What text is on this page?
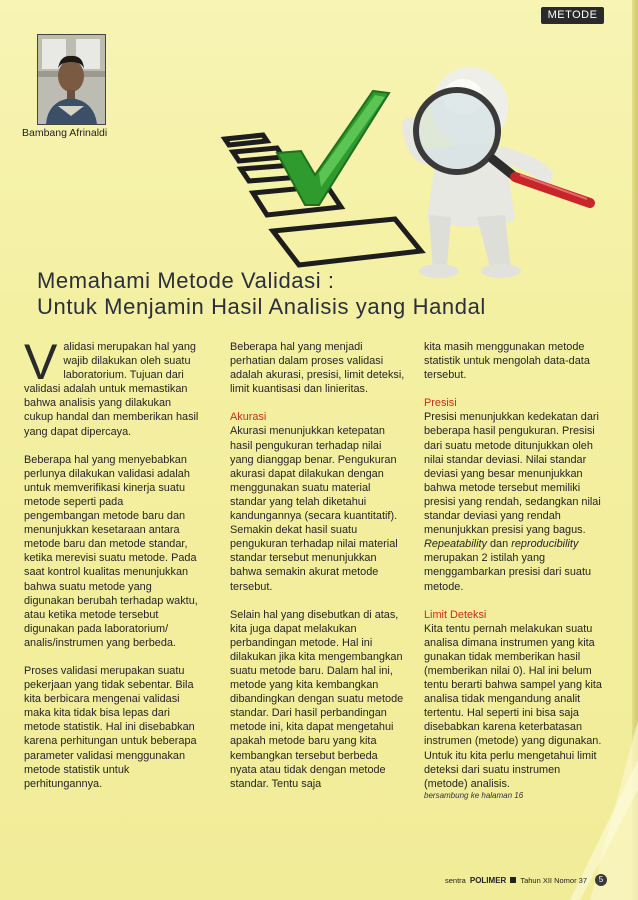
METODE
Bambang Afrinaldi
Memahami Metode Validasi :
Untuk Menjamin Hasil Analisis yang Handal

Validasi merupakan hal yang wajib dilakukan oleh suatu laboratorium. Tujuan dari validasi adalah untuk memastikan bahwa analisis yang dilakukan cukup handal dan memberikan hasil yang dapat dipercaya.

Beberapa hal yang menyebabkan perlunya dilakukan validasi adalah untuk memverifikasi kinerja suatu metode seperti pada pengembangan metode baru dan menunjukkan kesetaraan antara metode baru dan metode standar, ketika merevisi suatu metode. Pada saat kontrol kualitas menunjukkan bahwa suatu metode yang digunakan berubah terhadap waktu, atau ketika metode tersebut digunakan pada laboratorium/ analis/instrumen yang berbeda.

Proses validasi merupakan suatu pekerjaan yang tidak sebentar. Bila kita berbicara mengenai validasi maka kita tidak bisa lepas dari metode statistik. Hal ini disebabkan karena perhitungan untuk beberapa parameter validasi menggunakan metode statistik untuk perhitungannya.

Beberapa hal yang menjadi perhatian dalam proses validasi adalah akurasi, presisi, limit deteksi, limit kuantisasi dan linieritas.

Akurasi

Akurasi menunjukkan ketepatan hasil pengukuran terhadap nilai yang dianggap benar. Pengukuran akurasi dapat dilakukan dengan menggunakan suatu material standar yang telah diketahui kandungannya (secara kuantitatif). Semakin dekat hasil suatu pengukuran terhadap nilai material standar tersebut menunjukkan bahwa semakin akurat metode tersebut.

Selain hal yang disebutkan di atas, kita juga dapat melakukan perbandingan metode. Hal ini dilakukan jika kita mengembangkan suatu metode baru. Dalam hal ini, metode yang kita kembangkan dibandingkan dengan suatu metode standar. Dari hasil perbandingan metode ini, kita dapat mengetahui apakah metode baru yang kita kembangkan tersebut berbeda nyata atau tidak dengan metode standar. Tentu saja

kita masih menggunakan metode statistik untuk mengolah data-data tersebut.

Presisi

Presisi menunjukkan kedekatan dari beberapa hasil pengukuran. Presisi dari suatu metode ditunjukkan oleh nilai standar deviasi. Nilai standar deviasi yang besar menunjukkan bahwa metode tersebut memiliki presisi yang rendah, sedangkan nilai standar deviasi yang rendah menunjukkan presisi yang bagus. Repeatability dan reproducibility merupakan 2 istilah yang menggambarkan presisi dari suatu metode.

Limit Deteksi

Kita tentu pernah melakukan suatu analisa dimana instrumen yang kita gunakan tidak memberikan hasil (memberikan nilai 0). Hal ini belum tentu berarti bahwa sampel yang kita analisa tidak mengandung analit tertentu. Hal seperti ini bisa saja disebabkan karena keterbatasan instrumen (metode) yang digunakan. Untuk itu kita perlu mengetahui limit deteksi dari suatu instrumen (metode) analisis.

bersambung ke halaman 16
sentra POLIMER Tahun XII Nomor 37	5
